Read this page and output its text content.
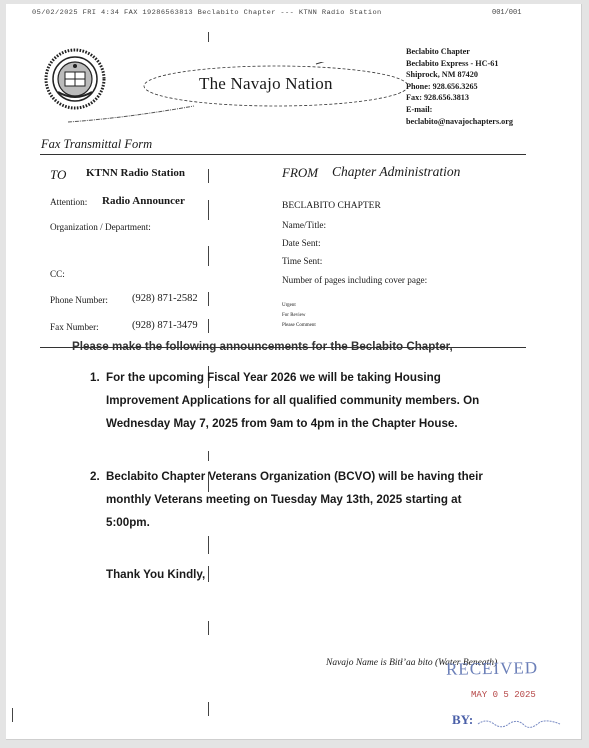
05/02/2025 FRI 4:34 FAX 19286563813 Beclabito Chapter --- KTNN Radio Station	001/001
The Navajo Nation
Beclabito Chapter
Beclabito Express - HC-61
Shiprock, NM 87420
Phone: 928.656.3265
Fax: 928.656.3813
E-mail:
beclabito@navajochapters.org
Fax Transmittal Form
TO KTNN Radio Station	FROM Chapter Administration
Attention: Radio Announcer
Organization / Department:
CC:
Phone Number: (928) 871-2582
Fax Number:	(928) 871-3479
BECLABITO CHAPTER
Name/Title:
Date Sent:
Time Sent:
Number of pages including cover page:
Urgent
For Review
Please Comment
Please make the following announcements for the Beclabito Chapter,
1. For the upcoming Fiscal Year 2026 we will be taking Housing Improvement Applications for all qualified community members. On Wednesday May 7, 2025 from 9am to 4pm in the Chapter House.
2. Beclabito Chapter Veterans Organization (BCVO) will be having their monthly Veterans meeting on Tuesday May 13th, 2025 starting at 5:00pm.
Thank You Kindly,
Navajo Name is Bitł’aa bito (Water Beneath)
RECEIVED
MAY 0 5 2025
BY:
